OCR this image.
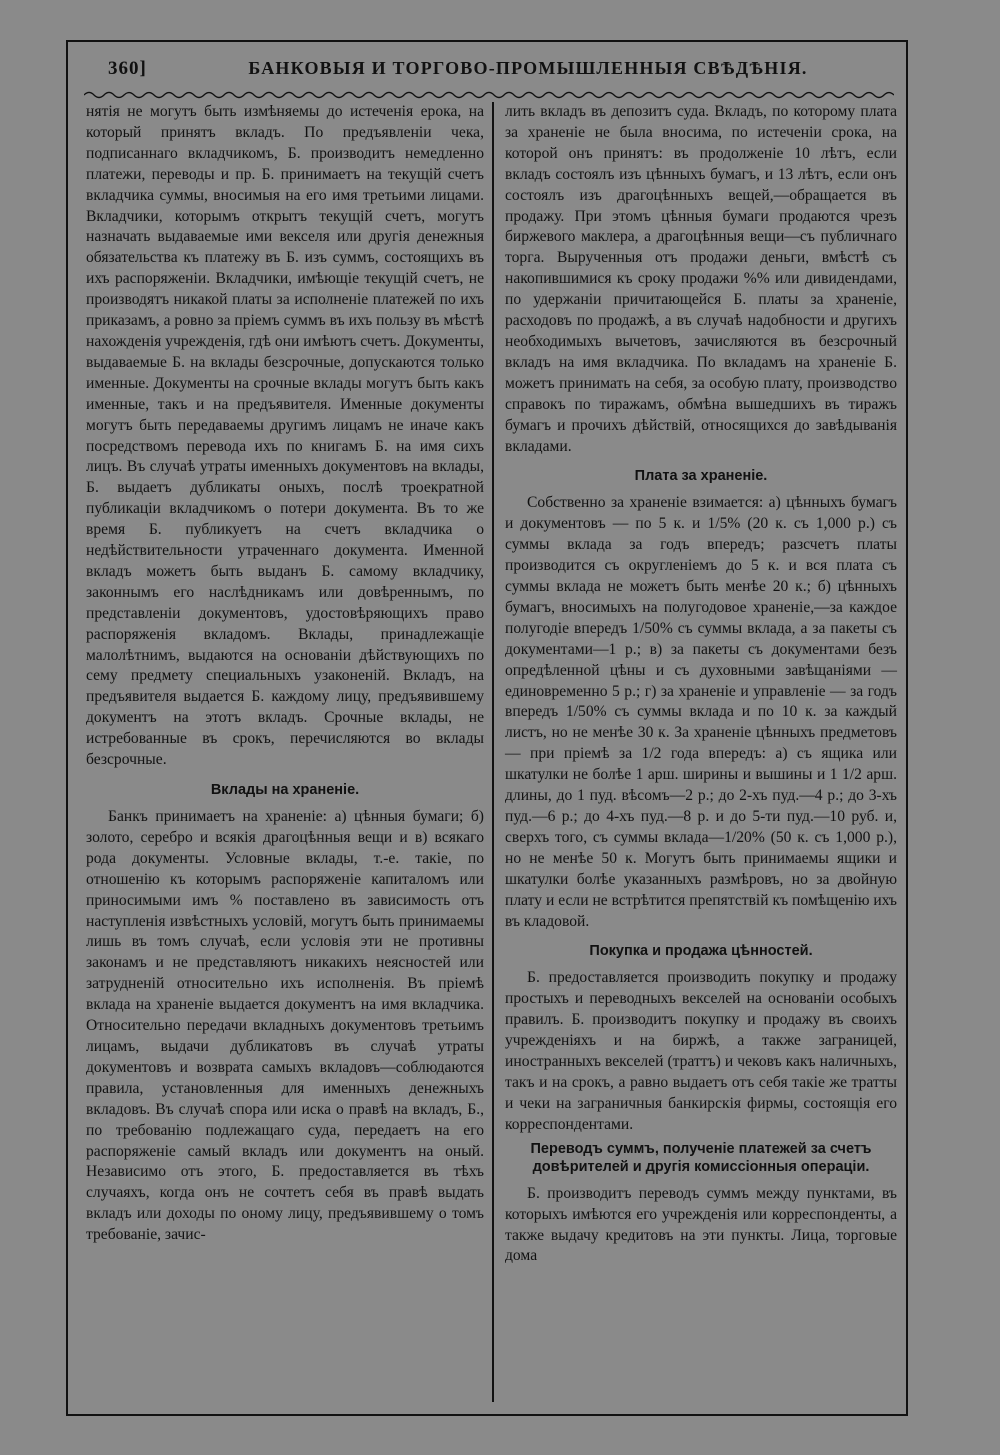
360]	БАНКОВЫЯ И ТОРГОВО-ПРОМЫШЛЕННЫЯ СВѢДѢНIЯ.

нятія не могутъ быть измѣняемы до истеченія ерока, на который принятъ вкладъ. По предъявленіи чека, подписаннаго вкладчикомъ, Б. производитъ немедленно платежи, переводы и пр. Б. принимаетъ на текущій счетъ вкладчика суммы, вносимыя на его имя третьими лицами. Вкладчики, которымъ открытъ текущій счетъ, могутъ назначать выдаваемые ими векселя или другія денежныя обязательства къ платежу въ Б. изъ суммъ, состоящихъ въ ихъ распоряженіи. Вкладчики, имѣющіе текущій счетъ, не производятъ никакой платы за исполненіе платежей по ихъ приказамъ, а ровно за пріемъ суммъ въ ихъ пользу въ мѣстѣ нахожденія учрежденія, гдѣ они имѣютъ счетъ. Документы, выдаваемые Б. на вклады безсрочные, допускаются только именные. Документы на срочные вклады могутъ быть какъ именные, такъ и на предъявителя. Именные документы могутъ быть передаваемы другимъ лицамъ не иначе какъ посредствомъ перевода ихъ по книгамъ Б. на имя сихъ лицъ. Въ случаѣ утраты именныхъ документовъ на вклады, Б. выдаетъ дубликаты оныхъ, послѣ троекратной публикаціи вкладчикомъ о потери документа. Въ то же время Б. публикуетъ на счетъ вкладчика о недѣйствительности утраченнаго документа. Именной вкладъ можетъ быть выданъ Б. самому вкладчику, законнымъ его наслѣдникамъ или довѣреннымъ, по представленіи документовъ, удостовѣряющихъ право распоряженія вкладомъ. Вклады, принадлежащіе малолѣтнимъ, выдаются на основаніи дѣйствующихъ по сему предмету специальныхъ узаконеній. Вкладъ, на предъявителя выдается Б. каждому лицу, предъявившему документъ на этотъ вкладъ. Срочные вклады, не истребованные въ срокъ, перечисляются во вклады безсрочные.

Вклады на храненіе.

Банкъ принимаетъ на храненіе: а) цѣнныя бумаги; б) золото, серебро и всякія драгоцѣнныя вещи и в) всякаго рода документы. Условные вклады, т.-е. такіе, по отношенію къ которымъ распоряженіе капиталомъ или приносимыми имъ % поставлено въ зависимость отъ наступленія извѣстныхъ условій, могутъ быть принимаемы лишь въ томъ случаѣ, если условія эти не противны законамъ и не представляютъ никакихъ неясностей или затрудненій относительно ихъ исполненія. Въ пріемѣ вклада на храненіе выдается документъ на имя вкладчика. Относительно передачи вкладныхъ документовъ третьимъ лицамъ, выдачи дубликатовъ въ случаѣ утраты документовъ и возврата самыхъ вкладовъ—соблюдаются правила, установленныя для именныхъ денежныхъ вкладовъ. Въ случаѣ спора или иска о правѣ на вкладъ, Б., по требованію подлежащаго суда, передаетъ на его распоряженіе самый вкладъ или документъ на оный. Независимо отъ этого, Б. предоставляется въ тѣхъ случаяхъ, когда онъ не сочтетъ себя въ правѣ выдать вкладъ или доходы по оному лицу, предъявившему о томъ требованіе, зачис-

лить вкладъ въ депозитъ суда. Вкладъ, по которому плата за храненіе не была вносима, по истеченіи срока, на которой онъ принятъ: въ продолженіе 10 лѣтъ, если вкладъ состоялъ изъ цѣнныхъ бумагъ, и 13 лѣтъ, если онъ состоялъ изъ драгоцѣнныхъ вещей,—обращается въ продажу. При этомъ цѣнныя бумаги продаются чрезъ биржевого маклера, а драгоцѣнныя вещи—съ публичнаго торга. Вырученныя отъ продажи деньги, вмѣстѣ съ накопившимися къ сроку продажи %% или дивидендами, по удержаніи причитающейся Б. платы за храненіе, расходовъ по продажѣ, а въ случаѣ надобности и другихъ необходимыхъ вычетовъ, зачисляются въ безсрочный вкладъ на имя вкладчика. По вкладамъ на храненіе Б. можетъ принимать на себя, за особую плату, производство справокъ по тиражамъ, обмѣна вышедшихъ въ тиражъ бумагъ и прочихъ дѣйствій, относящихся до завѣдыванія вкладами.

Плата за храненіе.

Собственно за храненіе взимается: а) цѣнныхъ бумагъ и документовъ — по 5 к. и 1/5% (20 к. съ 1,000 р.) съ суммы вклада за годъ впередъ; разсчетъ платы производится съ округленіемъ до 5 к. и вся плата съ суммы вклада не можетъ быть менѣе 20 к.; б) цѣнныхъ бумагъ, вносимыхъ на полугодовое храненіе,—за каждое полугодіе впередъ 1/50% съ суммы вклада, а за пакеты съ документами—1 р.; в) за пакеты съ документами безъ опредѣленной цѣны и съ духовными завѣщаніями — единовременно 5 р.; г) за храненіе и управленіе — за годъ впередъ 1/50% съ суммы вклада и по 10 к. за каждый листъ, но не менѣе 30 к. За храненіе цѣнныхъ предметовъ — при пріемѣ за 1/2 года впередъ: а) съ ящика или шкатулки не болѣе 1 арш. ширины и вышины и 1 1/2 арш. длины, до 1 пуд. вѣсомъ—2 р.; до 2-хъ пуд.—4 р.; до 3-хъ пуд.—6 р.; до 4-хъ пуд.—8 р. и до 5-ти пуд.—10 руб. и, сверхъ того, съ суммы вклада—1/20% (50 к. съ 1,000 р.), но не менѣе 50 к. Могутъ быть принимаемы ящики и шкатулки болѣе указанныхъ размѣровъ, но за двойную плату и если не встрѣтится препятствій къ помѣщенію ихъ въ кладовой.

Покупка и продажа цѣнностей.

Б. предоставляется производить покупку и продажу простыхъ и переводныхъ векселей на основаніи особыхъ правилъ. Б. производитъ покупку и продажу въ своихъ учрежденіяхъ и на биржѣ, а также заграницей, иностранныхъ векселей (траттъ) и чековъ какъ наличныхъ, такъ и на срокъ, а равно выдаетъ отъ себя такіе же тратты и чеки на заграничныя банкирскія фирмы, состоящія его корреспондентами.

Переводъ суммъ, полученіе платежей за счетъ довѣрителей и другія комиссіонныя операціи.

Б. производитъ переводъ суммъ между пунктами, въ которыхъ имѣются его учрежденія или корреспонденты, а также выдачу кредитовъ на эти пункты. Лица, торговые дома
